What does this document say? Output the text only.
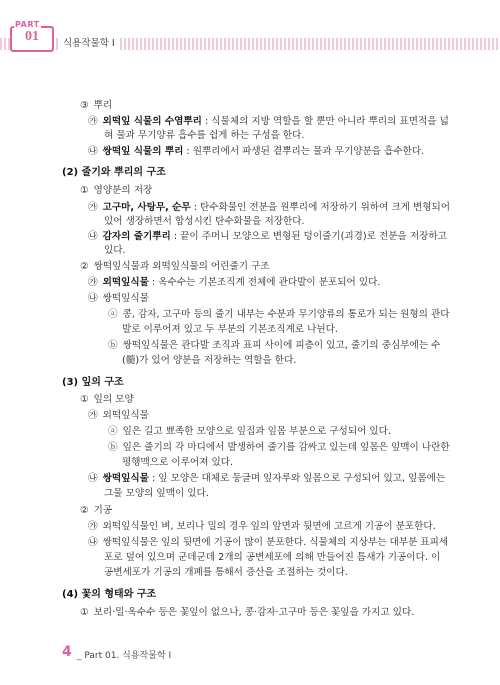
PART
01	식용작물학 I
③ 뿌리
㉮ 외떡잎 식물의 수염뿌리 : 식물체의 지방 역할을 할 뿐만 아니라 뿌리의 표면적을 넓
혀 물과 무기양류 흡수를 쉽게 하는 구성을 한다.
㉯ 쌍떡잎 식물의 뿌리 : 원뿌리에서 파생된 곁뿌리는 물과 무기양분을 흡수한다.
(2) 줄기와 뿌리의 구조
① 영양분의 저장
㉮ 고구마, 사탕무, 순무 : 탄수화물인 전분을 원뿌리에 저장하기 위하여 크게 변형되어
있어 생장하면서 합성시킨 탄수화물을 저장한다.
㉯ 감자의 줄기뿌리 : 끝이 주머니 모양으로 변형된 덩이줄기(괴경)로 전분을 저장하고
있다.
② 쌍떡잎식물과 외떡잎식물의 어린줄기 구조
㉮ 외떡잎식물 : 옥수수는 기본조직계 전체에 관다발이 분포되어 있다.
㉯ 쌍떡잎식물
ⓐ 콩, 감자, 고구마 등의 줄기 내부는 수분과 무기양류의 통로가 되는 원형의 관다
발로 이루어져 있고 두 부분의 기본조직계로 나뉜다.
ⓑ 쌍떡잎식물은 관다발 조직과 표피 사이에 피층이 있고, 줄기의 중심부에는 수
(髓)가 있어 양분을 저장하는 역할을 한다.
(3) 잎의 구조
① 잎의 모양
㉮ 외떡잎식물
ⓐ 잎은 길고 뾰족한 모양으로 잎집과 잎몸 부분으로 구성되어 있다.
ⓑ 잎은 줄기의 각 마디에서 발생하여 줄기를 감싸고 있는데 잎몸은 잎맥이 나란한
평행맥으로 이루어져 있다.
㉯ 쌍떡잎식물 : 잎 모양은 대체로 둥글며 잎자루와 잎몸으로 구성되어 있고, 잎몸에는
그물 모양의 잎맥이 있다.
② 기공
㉮ 외떡잎식물인 벼, 보리나 밀의 경우 잎의 앞면과 뒷면에 고르게 기공이 분포한다.
㉯ 쌍떡잎식물은 잎의 뒷면에 기공이 많이 분포한다. 식물체의 지상부는 대부분 표피세
포로 덮여 있으며 군데군데 2개의 공변세포에 의해 만들어진 틈새가 기공이다. 이
공변세포가 기공의 개폐를 통해서 증산을 조절하는 것이다.
(4) 꽃의 형태와 구조
① 보리·밀·옥수수 등은 꽃잎이 없으나, 콩·감자·고구마 등은 꽃잎을 가지고 있다.
4 _ Part 01. 식용작물학 I
